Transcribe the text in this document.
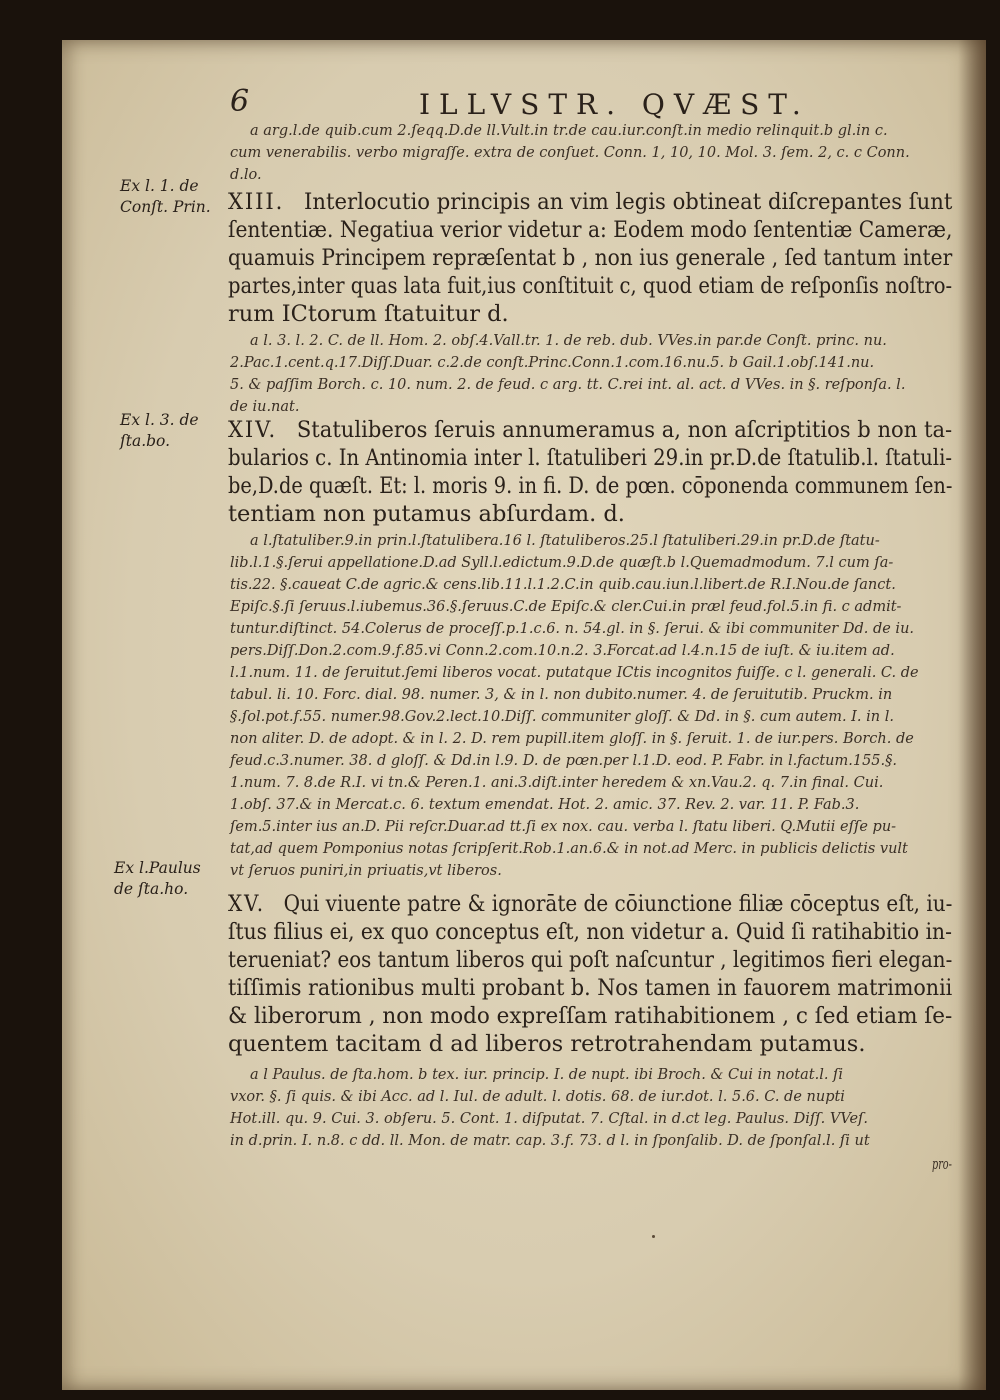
6	ILLVSTR. QVÆST.
a arg.l.de quib.cum 2.ſeqq.D.de ll.Vult.in tr.de cau.iur.conſt.in medio relinquit.b gl.in c.
cum venerabilis. verbo migraſſe. extra de conſuet. Conn. 1, 10, 10. Mol. 3. ſem. 2, c. c Conn.
d.lo.
Ex l. 1. de
Conſt. Prin. XIII. Interlocutio principis an vim legis obtineat diſcrepantes ſunt
ſententiæ. Negatiua verior videtur a: Eodem modo ſententiæ Cameræ,
quamuis Principem repræſentat b , non ius generale , ſed tantum inter
partes,inter quas lata fuit,ius conſtituit c, quod etiam de reſponſis noſtro-
rum ICtorum ſtatuitur d.
a l. 3. l. 2. C. de ll. Hom. 2. obſ.4.Vall.tr. 1. de reb. dub. VVes.in par.de Conſt. princ. nu.
2.Pac.1.cent.q.17.Diſſ.Duar. c.2.de conſt.Princ.Conn.1.com.16.nu.5. b Gail.1.obſ.141.nu.
5. & paſſim Borch. c. 10. num. 2. de feud. c arg. tt. C.rei int. al. act. d VVes. in §. reſponſa. l.
de iu.nat.
Ex l. 3. de
ſta.bo.	XIV. Statuliberos ſeruis annumeramus a, non aſcriptitios b non ta-
bularios c. In Antinomia inter l. ſtatuliberi 29.in pr.D.de ſtatulib.l. ſtatuli-
be,D.de quæſt. Et: l. moris 9. in fi. D. de pœn. cōponenda communem ſen-
tentiam non putamus abſurdam. d.
a l.ſtatuliber.9.in prin.l.ſtatulibera.16 l. ſtatuliberos.25.l ſtatuliberi.29.in pr.D.de ſtatu-
lib.l.1.§.ſerui appellatione.D.ad Syll.l.edictum.9.D.de quæſt.b l.Quemadmodum. 7.l cum ſa-
tis.22. §.caueat C.de agric.& cens.lib.11.l.1.2.C.in quib.cau.iun.l.libert.de R.I.Nou.de ſanct.
Epiſc.§.ſi ſeruus.l.iubemus.36.§.ſeruus.C.de Epiſc.& cler.Cui.in præl feud.fol.5.in fi. c admit-
tuntur.diſtinct. 54.Colerus de proceſſ.p.1.c.6. n. 54.gl. in §. ſerui. & ibi communiter Dd. de iu.
pers.Diſſ.Don.2.com.9.f.85.vi Conn.2.com.10.n.2. 3.Forcat.ad l.4.n.15 de iuſt. & iu.item ad.
l.1.num. 11. de ſeruitut.ſemi liberos vocat. putatque ICtis incognitos fuiſſe. c l. generali. C. de
tabul. li. 10. Forc. dial. 98. numer. 3, & in l. non dubito.numer. 4. de ſeruitutib. Pruckm. in
§.ſol.pot.f.55. numer.98.Gov.2.lect.10.Diſſ. communiter gloſſ. & Dd. in §. cum autem. I. in l.
non aliter. D. de adopt. & in l. 2. D. rem pupill.item gloſſ. in §. ſeruit. 1. de iur.pers. Borch. de
feud.c.3.numer. 38. d gloſſ. & Dd.in l.9. D. de pœn.per l.1.D. eod. P. Fabr. in l.factum.155.§.
1.num. 7. 8.de R.I. vi tn.& Peren.1. ani.3.diſt.inter heredem & xn.Vau.2. q. 7.in final. Cui.
1.obſ. 37.& in Mercat.c. 6. textum emendat. Hot. 2. amic. 37. Rev. 2. var. 11. P. Fab.3.
ſem.5.inter ius an.D. Pii reſcr.Duar.ad tt.ſi ex nox. cau. verba l. ſtatu liberi. Q.Mutii eſſe pu-
tat,ad quem Pomponius notas ſcripſerit.Rob.1.an.6.& in not.ad Merc. in publicis delictis vult
vt ſeruos puniri,in priuatis,vt liberos.
Ex l.Paulus
de ſta.ho.
XV. Qui viuente patre & ignorāte de cōiunctione filiæ cōceptus eſt, iu-
ſtus filius ei, ex quo conceptus eſt, non videtur a. Quid ſi ratihabitio in-
terueniat? eos tantum liberos qui poſt naſcuntur , legitimos fieri elegan-
tiſſimis rationibus multi probant b. Nos tamen in fauorem matrimonii
& liberorum , non modo expreſſam ratihabitionem , c ſed etiam ſe-
quentem tacitam d ad liberos retrotrahendam putamus.
a l Paulus. de ſta.hom. b tex. iur. princip. I. de nupt. ibi Broch. & Cui in notat.l. ſi
vxor. §. ſi quis. & ibi Acc. ad l. Iul. de adult. l. dotis. 68. de iur.dot. l. 5.6. C. de nupti
Hot.ill. qu. 9. Cui. 3. obſeru. 5. Cont. 1. diſputat. 7. Cſtal. in d.ct leg. Paulus. Diſſ. VVeſ.
in d.prin. I. n.8. c dd. ll. Mon. de matr. cap. 3.f. 73. d l. in ſponſalib. D. de ſponſal.l. ſi ut
pro-
